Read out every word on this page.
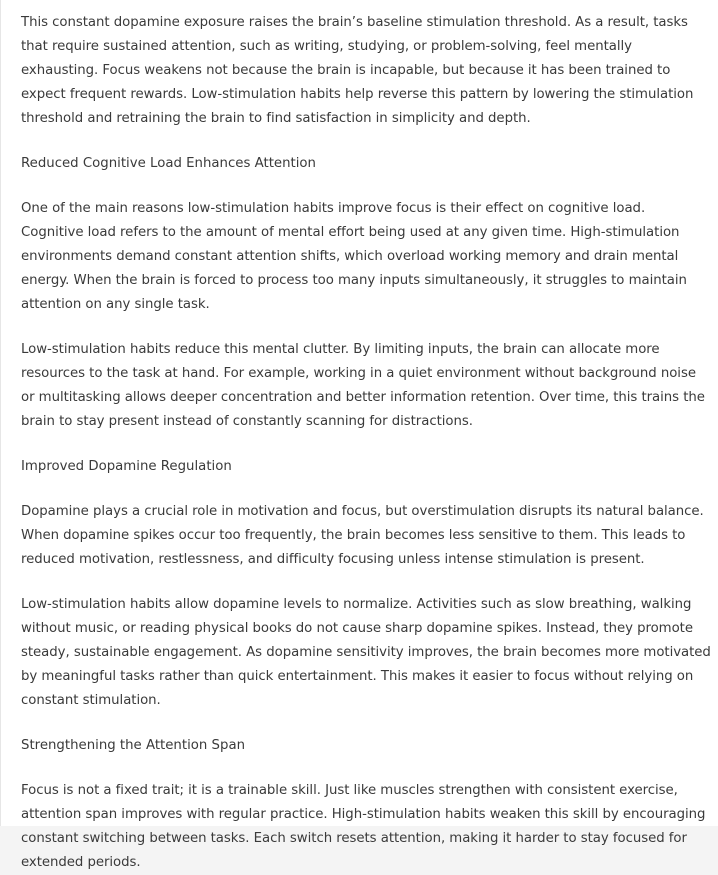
This constant dopamine exposure raises the brain’s baseline stimulation threshold. As a result, tasks that require sustained attention, such as writing, studying, or problem-solving, feel mentally exhausting. Focus weakens not because the brain is incapable, but because it has been trained to expect frequent rewards. Low-stimulation habits help reverse this pattern by lowering the stimulation threshold and retraining the brain to find satisfaction in simplicity and depth.

Reduced Cognitive Load Enhances Attention

One of the main reasons low-stimulation habits improve focus is their effect on cognitive load. Cognitive load refers to the amount of mental effort being used at any given time. High-stimulation environments demand constant attention shifts, which overload working memory and drain mental energy. When the brain is forced to process too many inputs simultaneously, it struggles to maintain attention on any single task.

Low-stimulation habits reduce this mental clutter. By limiting inputs, the brain can allocate more resources to the task at hand. For example, working in a quiet environment without background noise or multitasking allows deeper concentration and better information retention. Over time, this trains the brain to stay present instead of constantly scanning for distractions.

Improved Dopamine Regulation

Dopamine plays a crucial role in motivation and focus, but overstimulation disrupts its natural balance. When dopamine spikes occur too frequently, the brain becomes less sensitive to them. This leads to reduced motivation, restlessness, and difficulty focusing unless intense stimulation is present.

Low-stimulation habits allow dopamine levels to normalize. Activities such as slow breathing, walking without music, or reading physical books do not cause sharp dopamine spikes. Instead, they promote steady, sustainable engagement. As dopamine sensitivity improves, the brain becomes more motivated by meaningful tasks rather than quick entertainment. This makes it easier to focus without relying on constant stimulation.

Strengthening the Attention Span

Focus is not a fixed trait; it is a trainable skill. Just like muscles strengthen with consistent exercise, attention span improves with regular practice. High-stimulation habits weaken this skill by encouraging constant switching between tasks. Each switch resets attention, making it harder to stay focused for extended periods.
